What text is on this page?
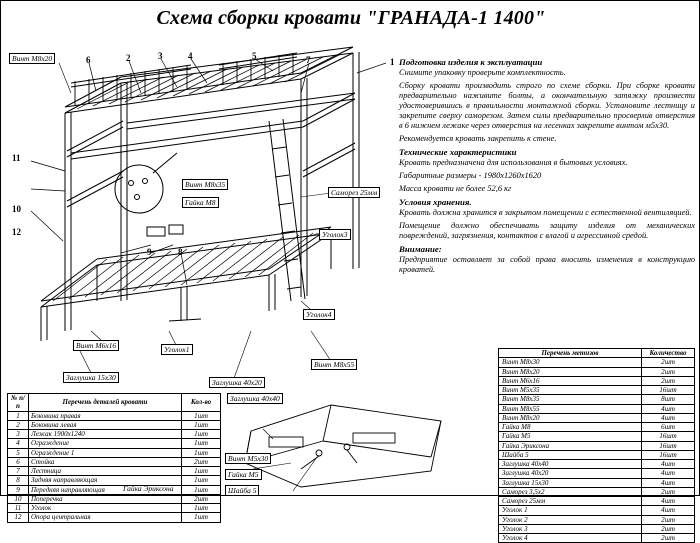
Схема сборки кровати "ГРАНАДА-1 1400"
1
2	3	4	5
6	7
8
9
10
11
12
Винт М8х20
Винт М8х35
Гайка М8
Саморез 25мм
Уголок3
Уголок4
Винт М6х16	Уголок1
Винт М8х55
Заглушка 15х30
Заглушка 40х20
Заглушка 40х40
Винт М5х30
Гайка М5
Шайба 5
Гайка Эриксона
Подготовка изделия к эксплуатации

Снимите упаковку проверьте комплектность.

Сборку кровати производить строго по схеме сборки. При сборке кровати предварительно наживите болты, а окончательную затяжку произвести удостоверившись в правильности монтажной сборки. Установите лестницу и закрепите сверху саморезом. Затем силы предварительно просверлив отверстия в 6 нижнем лежаке через отверстия на лесенках закрепите винтом м5х30.

Рекомендуется кровать закрепить к стене.

Технические характеристики

Кровать предназначена для использования в бытовых условиях.

Габаритные размеры - 1980х1260х1620

Масса кровати не более 52,6 кг

Условия хранения.

Кровать должна хранится в закрытом помещении с естественной вентиляцией.

Помещение должно обеспечивать защиту изделия от механических повреждений, загрязнения, контактов с влагой и агрессивной средой.

Внимание:

Предприятие оставляет за собой права вносить изменения в конструкцию кроватей.

№ п/п	Перечень деталей кровати	Кол-во
1	Боковина правая	1шт
2	Боковина левая	1шт
3	Лежак 1900х1240	1шт
4	Ограждение	1шт
5	Ограждение 1	1шт
6	Стойка	2шт
7	Лестница	1шт
8	Задняя направляющая	1шт
9	Передняя направляющая	1шт
10	Поперечка	2шт
11	Уголок	1шт
12	Опора центральная	1шт
Перечень метизов	Количество
Винт М8х30	2шт
Винт М8х20	2шт
Винт М6х16	2шт
Винт М5х35	16шт
Винт М8х35	8шт
Винт М8х55	4шт
Винт М8х20	4шт
Гайка М8	6шт
Гайка М5	16шт
Гайка Эриксона	16шт
Шайба 5	16шт
Заглушка 40х40	4шт
Заглушка 40х20	4шт
Заглушка 15х30	4шт
Саморез 3,5х2	2шт
Саморез 25мм	4шт
Уголок 1	4шт
Уголок 2	2шт
Уголок 3	2шт
Уголок 4	2шт
